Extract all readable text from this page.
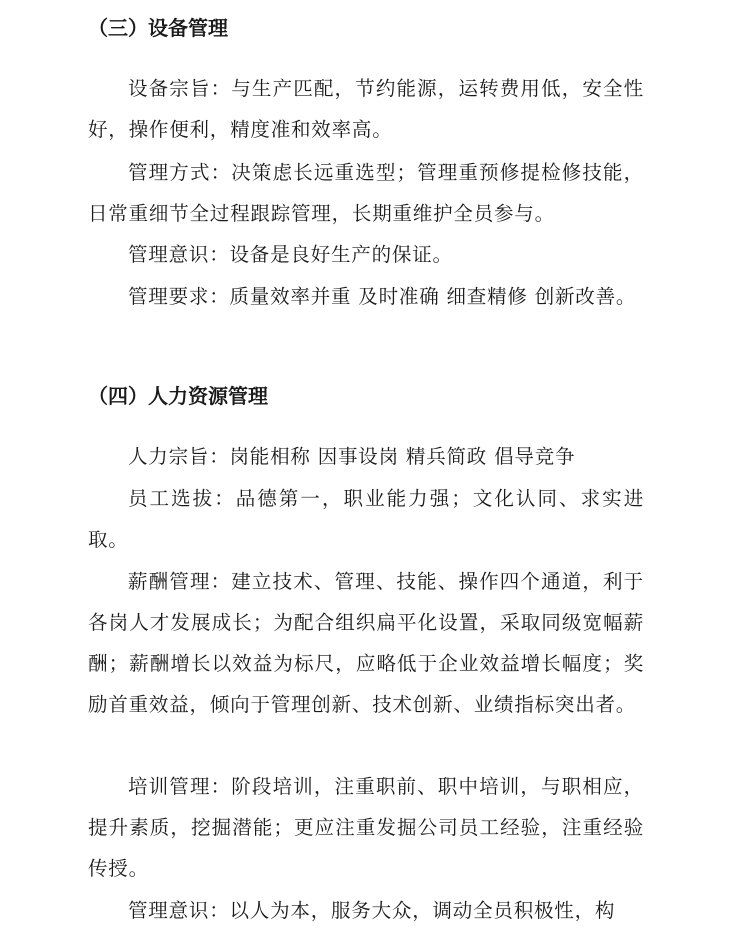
（三）设备管理

设备宗旨：与生产匹配，节约能源，运转费用低，安全性好，操作便利，精度准和效率高。

管理方式：决策虑长远重选型；管理重预修提检修技能，日常重细节全过程跟踪管理，长期重维护全员参与。

管理意识：设备是良好生产的保证。

管理要求：质量效率并重 及时准确 细查精修 创新改善。

（四）人力资源管理

人力宗旨：岗能相称 因事设岗 精兵简政 倡导竞争

员工选拔：品德第一，职业能力强；文化认同、求实进取。

薪酬管理：建立技术、管理、技能、操作四个通道，利于各岗人才发展成长；为配合组织扁平化设置，采取同级宽幅薪酬；薪酬增长以效益为标尺，应略低于企业效益增长幅度；奖励首重效益，倾向于管理创新、技术创新、业绩指标突出者。

培训管理：阶段培训，注重职前、职中培训，与职相应，提升素质，挖掘潜能；更应注重发掘公司员工经验，注重经验传授。

管理意识：以人为本，服务大众，调动全员积极性，构
